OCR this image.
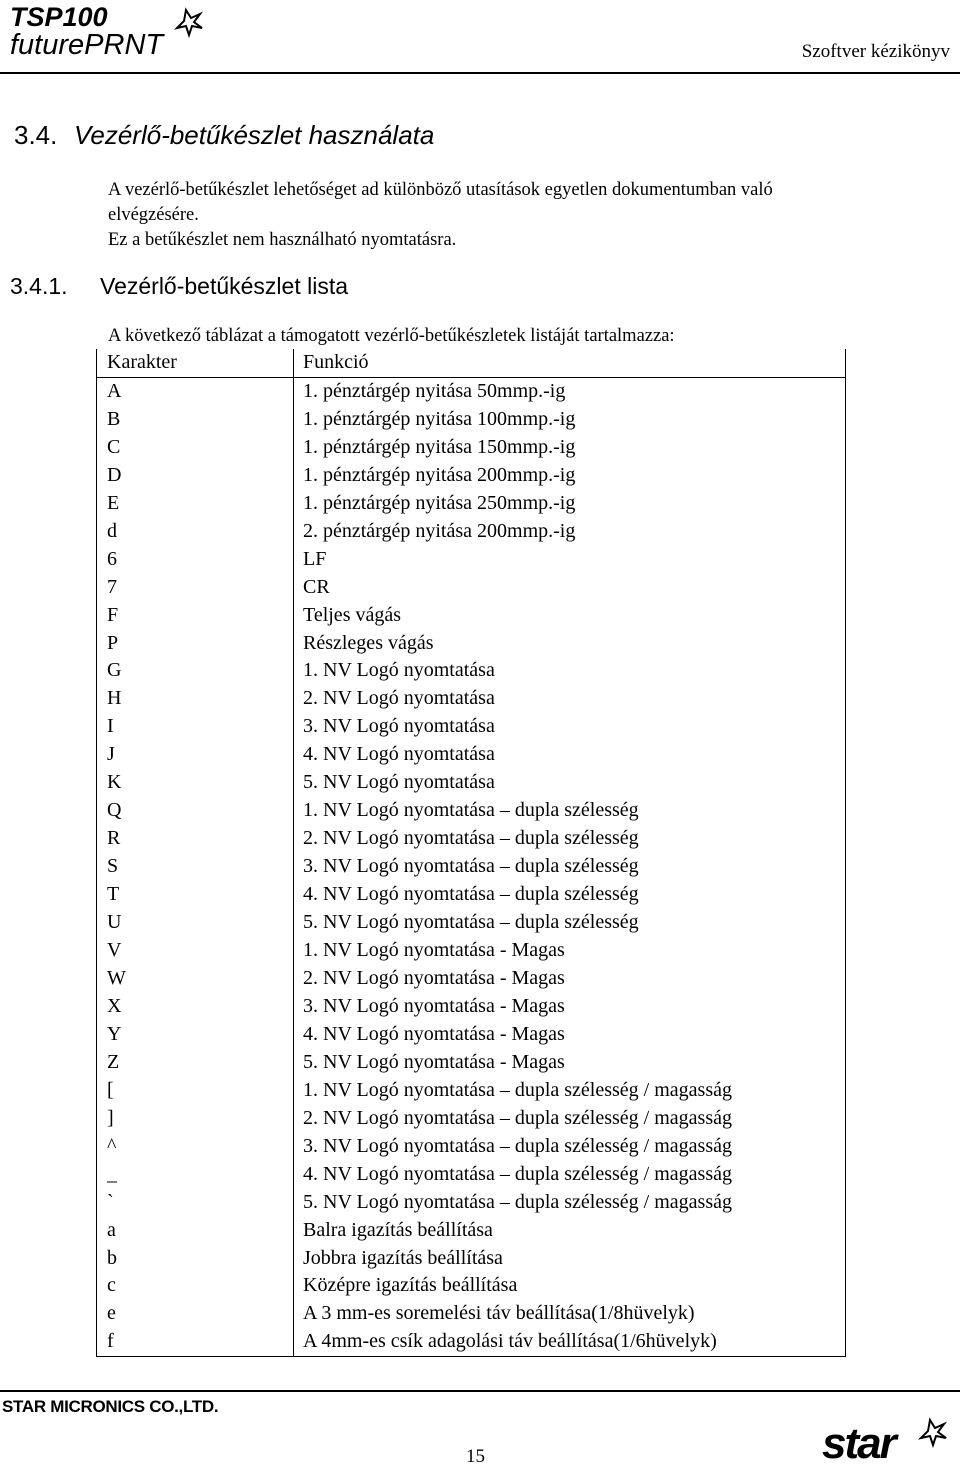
TSP100
futurePRNT	Szoftver kézikönyv
3.4. Vezérlő-betűkészlet használata

A vezérlő-betűkészlet lehetőséget ad különböző utasítások egyetlen dokumentumban való

elvégzésére.

Ez a betűkészlet nem használható nyomtatásra.

3.4.1. Vezérlő-betűkészlet lista
A következő táblázat a támogatott vezérlő-betűkészletek listáját tartalmazza:
Karakter	Funkció
A	1. pénztárgép nyitása 50mmp.-ig
B	1. pénztárgép nyitása 100mmp.-ig
C	1. pénztárgép nyitása 150mmp.-ig
D	1. pénztárgép nyitása 200mmp.-ig
E	1. pénztárgép nyitása 250mmp.-ig
d	2. pénztárgép nyitása 200mmp.-ig
6	LF
7	CR
F	Teljes vágás
P	Részleges vágás
G	1. NV Logó nyomtatása
H	2. NV Logó nyomtatása
I	3. NV Logó nyomtatása
J	4. NV Logó nyomtatása
K	5. NV Logó nyomtatása
Q	1. NV Logó nyomtatása – dupla szélesség
R	2. NV Logó nyomtatása – dupla szélesség
S	3. NV Logó nyomtatása – dupla szélesség
T	4. NV Logó nyomtatása – dupla szélesség
U	5. NV Logó nyomtatása – dupla szélesség
V	1. NV Logó nyomtatása - Magas
W	2. NV Logó nyomtatása - Magas
X	3. NV Logó nyomtatása - Magas
Y	4. NV Logó nyomtatása - Magas
Z	5. NV Logó nyomtatása - Magas
[	1. NV Logó nyomtatása – dupla szélesség / magasság
]	2. NV Logó nyomtatása – dupla szélesség / magasság
^	3. NV Logó nyomtatása – dupla szélesség / magasság
_	4. NV Logó nyomtatása – dupla szélesség / magasság
`	5. NV Logó nyomtatása – dupla szélesség / magasság
a	Balra igazítás beállítása
b	Jobbra igazítás beállítása
c	Középre igazítás beállítása
e	A 3 mm-es soremelési táv beállítása(1/8hüvelyk)
f	A 4mm-es csík adagolási táv beállítása(1/6hüvelyk)
STAR MICRONICS CO.,LTD.
15	star
